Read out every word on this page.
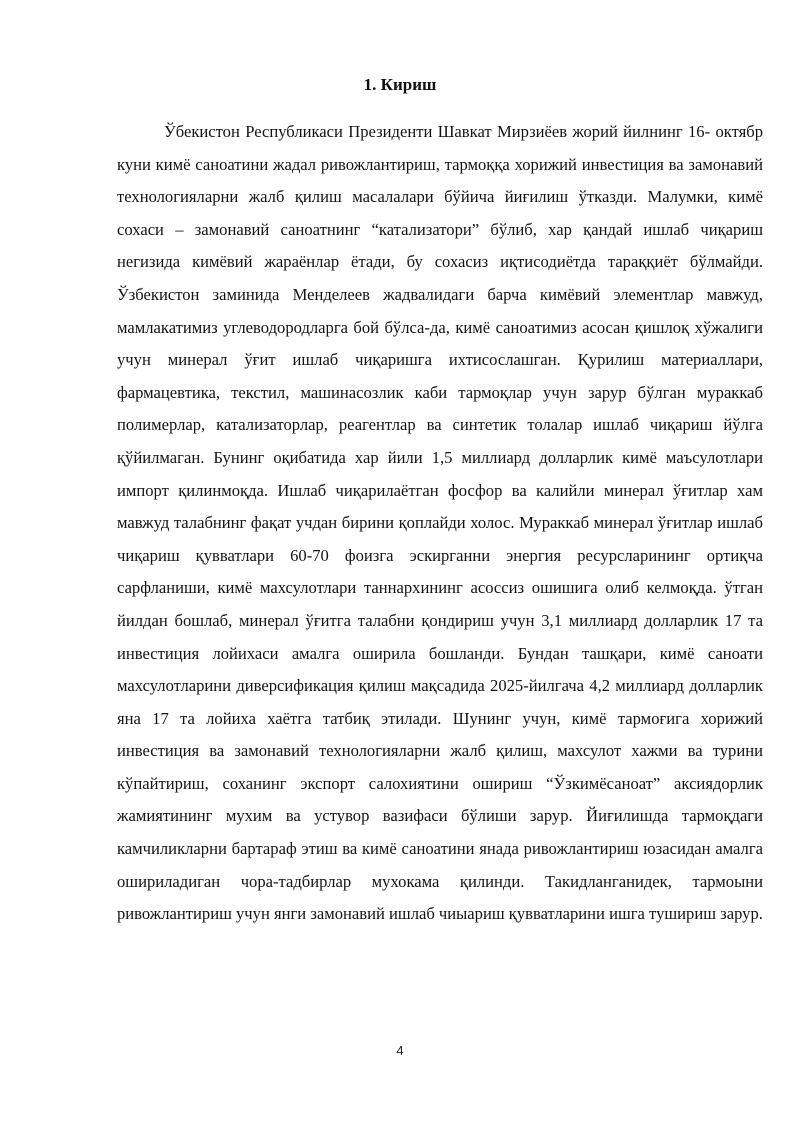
1. Кириш

Ўбекистон Республикаси Президенти Шавкат Мирзиёев жорий йилнинг 16- октябр куни кимё саноатини жадал ривожлантириш, тармоққа хорижий инвестиция ва замонавий технологияларни жалб қилиш масалалари бўйича йиғилиш ўтказди. Малумки, кимё сохаси – замонавий саноатнинг “катализатори” бўлиб, хар қандай ишлаб чиқариш негизида кимёвий жараёнлар ётади, бу сохасиз иқтисодиётда тараққиёт бўлмайди. Ўзбекистон заминида Менделеев жадвалидаги барча кимёвий элементлар мавжуд, мамлакатимиз углеводородларга бой бўлса-да, кимё саноатимиз асосан қишлоқ хўжалиги учун минерал ўғит ишлаб чиқаришга ихтисослашган. Қурилиш материаллари, фармацевтика, текстил, машинасозлик каби тармоқлар учун зарур бўлган мураккаб полимерлар, катализаторлар, реагентлар ва синтетик толалар ишлаб чиқариш йўлга қўйилмаган. Бунинг оқибатида хар йили 1,5 миллиард долларлик кимё маъсулотлари импорт қилинмоқда. Ишлаб чиқарилаётган фосфор ва калийли минерал ўғитлар хам мавжуд талабнинг фақат учдан бирини қоплайди холос. Мураккаб минерал ўғитлар ишлаб чиқариш қувватлари 60-70 фоизга эскирганни энергия ресурсларининг ортиқча сарфланиши, кимё махсулотлари таннархининг асоссиз ошишига олиб келмоқда. ўтган йилдан бошлаб, минерал ўғитга талабни қондириш учун 3,1 миллиард долларлик 17 та инвестиция лойихаси амалга оширила бошланди. Бундан ташқари, кимё саноати махсулотларини диверсификация қилиш мақсадида 2025-йилгача 4,2 миллиард долларлик яна 17 та лойиха хаётга татбиқ этилади. Шунинг учун, кимё тармоғига хорижий инвестиция ва замонавий технологияларни жалб қилиш, махсулот хажми ва турини кўпайтириш, соханинг экспорт салохиятини ошириш “Ўзкимёсаноат” аксиядорлик жамиятининг мухим ва устувор вазифаси бўлиши зарур. Йиғилишда тармоқдаги камчиликларни бартараф этиш ва кимё саноатини янада ривожлантириш юзасидан амалга ошириладиган чора-тадбирлар мухокама қилинди. Такидланганидек, тармоыни ривожлантириш учун янги замонавий ишлаб чиыариш қувватларини ишга тушириш зарур.

4
